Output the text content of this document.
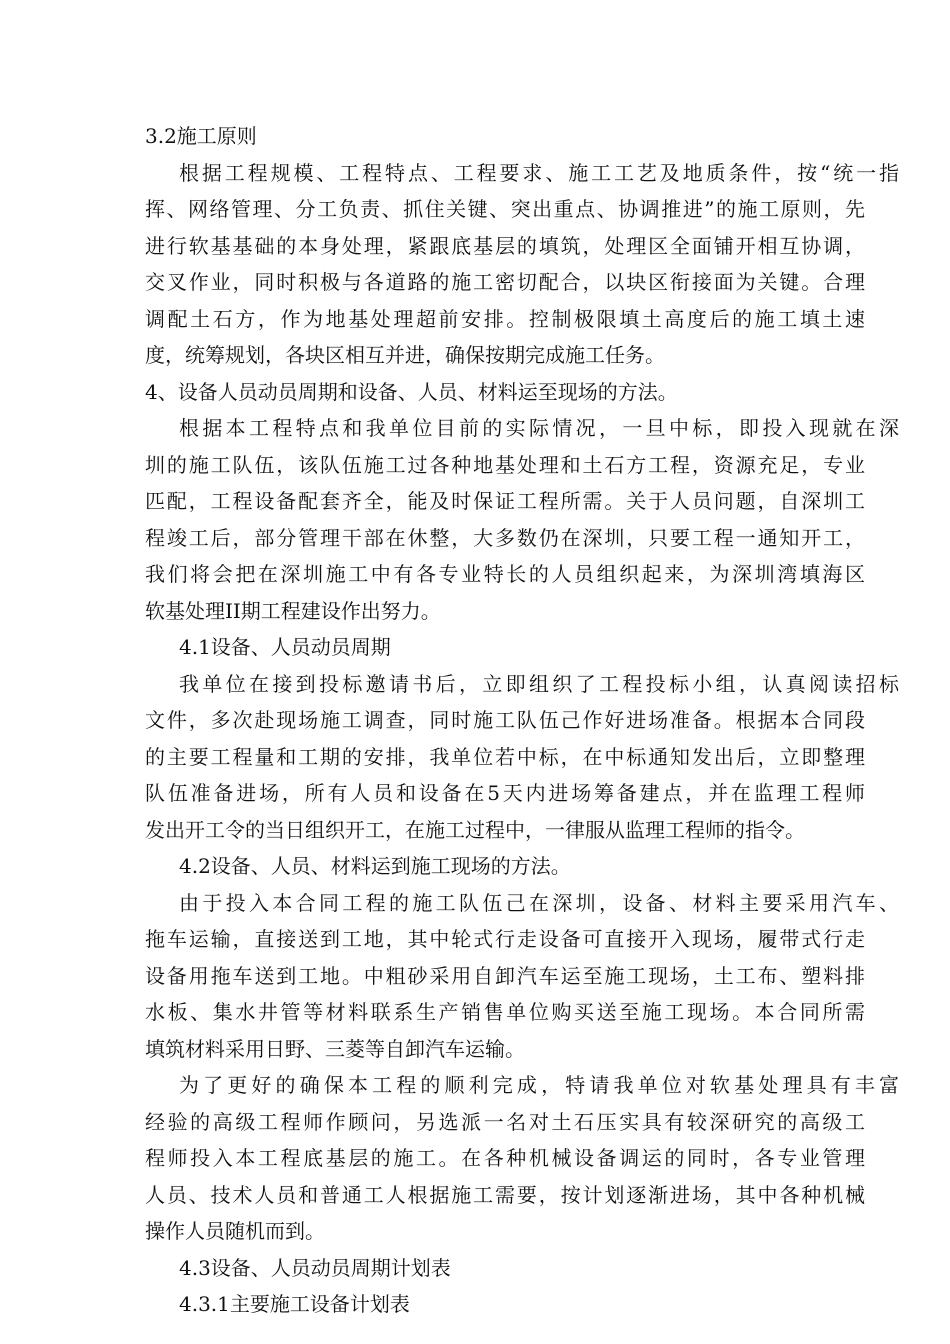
3.2施工原则
根据工程规模、工程特点、工程要求、施工工艺及地质条件，按“统一指
挥、网络管理、分工负责、抓住关键、突出重点、协调推进”的施工原则，先
进行软基基础的本身处理，紧跟底基层的填筑，处理区全面铺开相互协调，
交叉作业，同时积极与各道路的施工密切配合，以块区衔接面为关键。合理
调配土石方，作为地基处理超前安排。控制极限填土高度后的施工填土速
度，统筹规划，各块区相互并进，确保按期完成施工任务。
4、设备人员动员周期和设备、人员、材料运至现场的方法。
根据本工程特点和我单位目前的实际情况，一旦中标，即投入现就在深
圳的施工队伍，该队伍施工过各种地基处理和土石方工程，资源充足，专业
匹配，工程设备配套齐全，能及时保证工程所需。关于人员问题，自深圳工
程竣工后，部分管理干部在休整，大多数仍在深圳，只要工程一通知开工，
我们将会把在深圳施工中有各专业特长的人员组织起来，为深圳湾填海区
软基处理II期工程建设作出努力。
4.1设备、人员动员周期
我单位在接到投标邀请书后，立即组织了工程投标小组，认真阅读招标
文件，多次赴现场施工调查，同时施工队伍己作好进场准备。根据本合同段
的主要工程量和工期的安排，我单位若中标，在中标通知发出后，立即整理
队伍准备进场，所有人员和设备在5天内进场筹备建点，并在监理工程师
发出开工令的当日组织开工，在施工过程中，一律服从监理工程师的指令。
4.2设备、人员、材料运到施工现场的方法。
由于投入本合同工程的施工队伍己在深圳，设备、材料主要采用汽车、
拖车运输，直接送到工地，其中轮式行走设备可直接开入现场，履带式行走
设备用拖车送到工地。中粗砂采用自卸汽车运至施工现场，土工布、塑料排
水板、集水井管等材料联系生产销售单位购买送至施工现场。本合同所需
填筑材料采用日野、三菱等自卸汽车运输。
为了更好的确保本工程的顺利完成，特请我单位对软基处理具有丰富
经验的高级工程师作顾问，另选派一名对土石压实具有较深研究的高级工
程师投入本工程底基层的施工。在各种机械设备调运的同时，各专业管理
人员、技术人员和普通工人根据施工需要，按计划逐渐进场，其中各种机械
操作人员随机而到。
4.3设备、人员动员周期计划表
4.3.1主要施工设备计划表
